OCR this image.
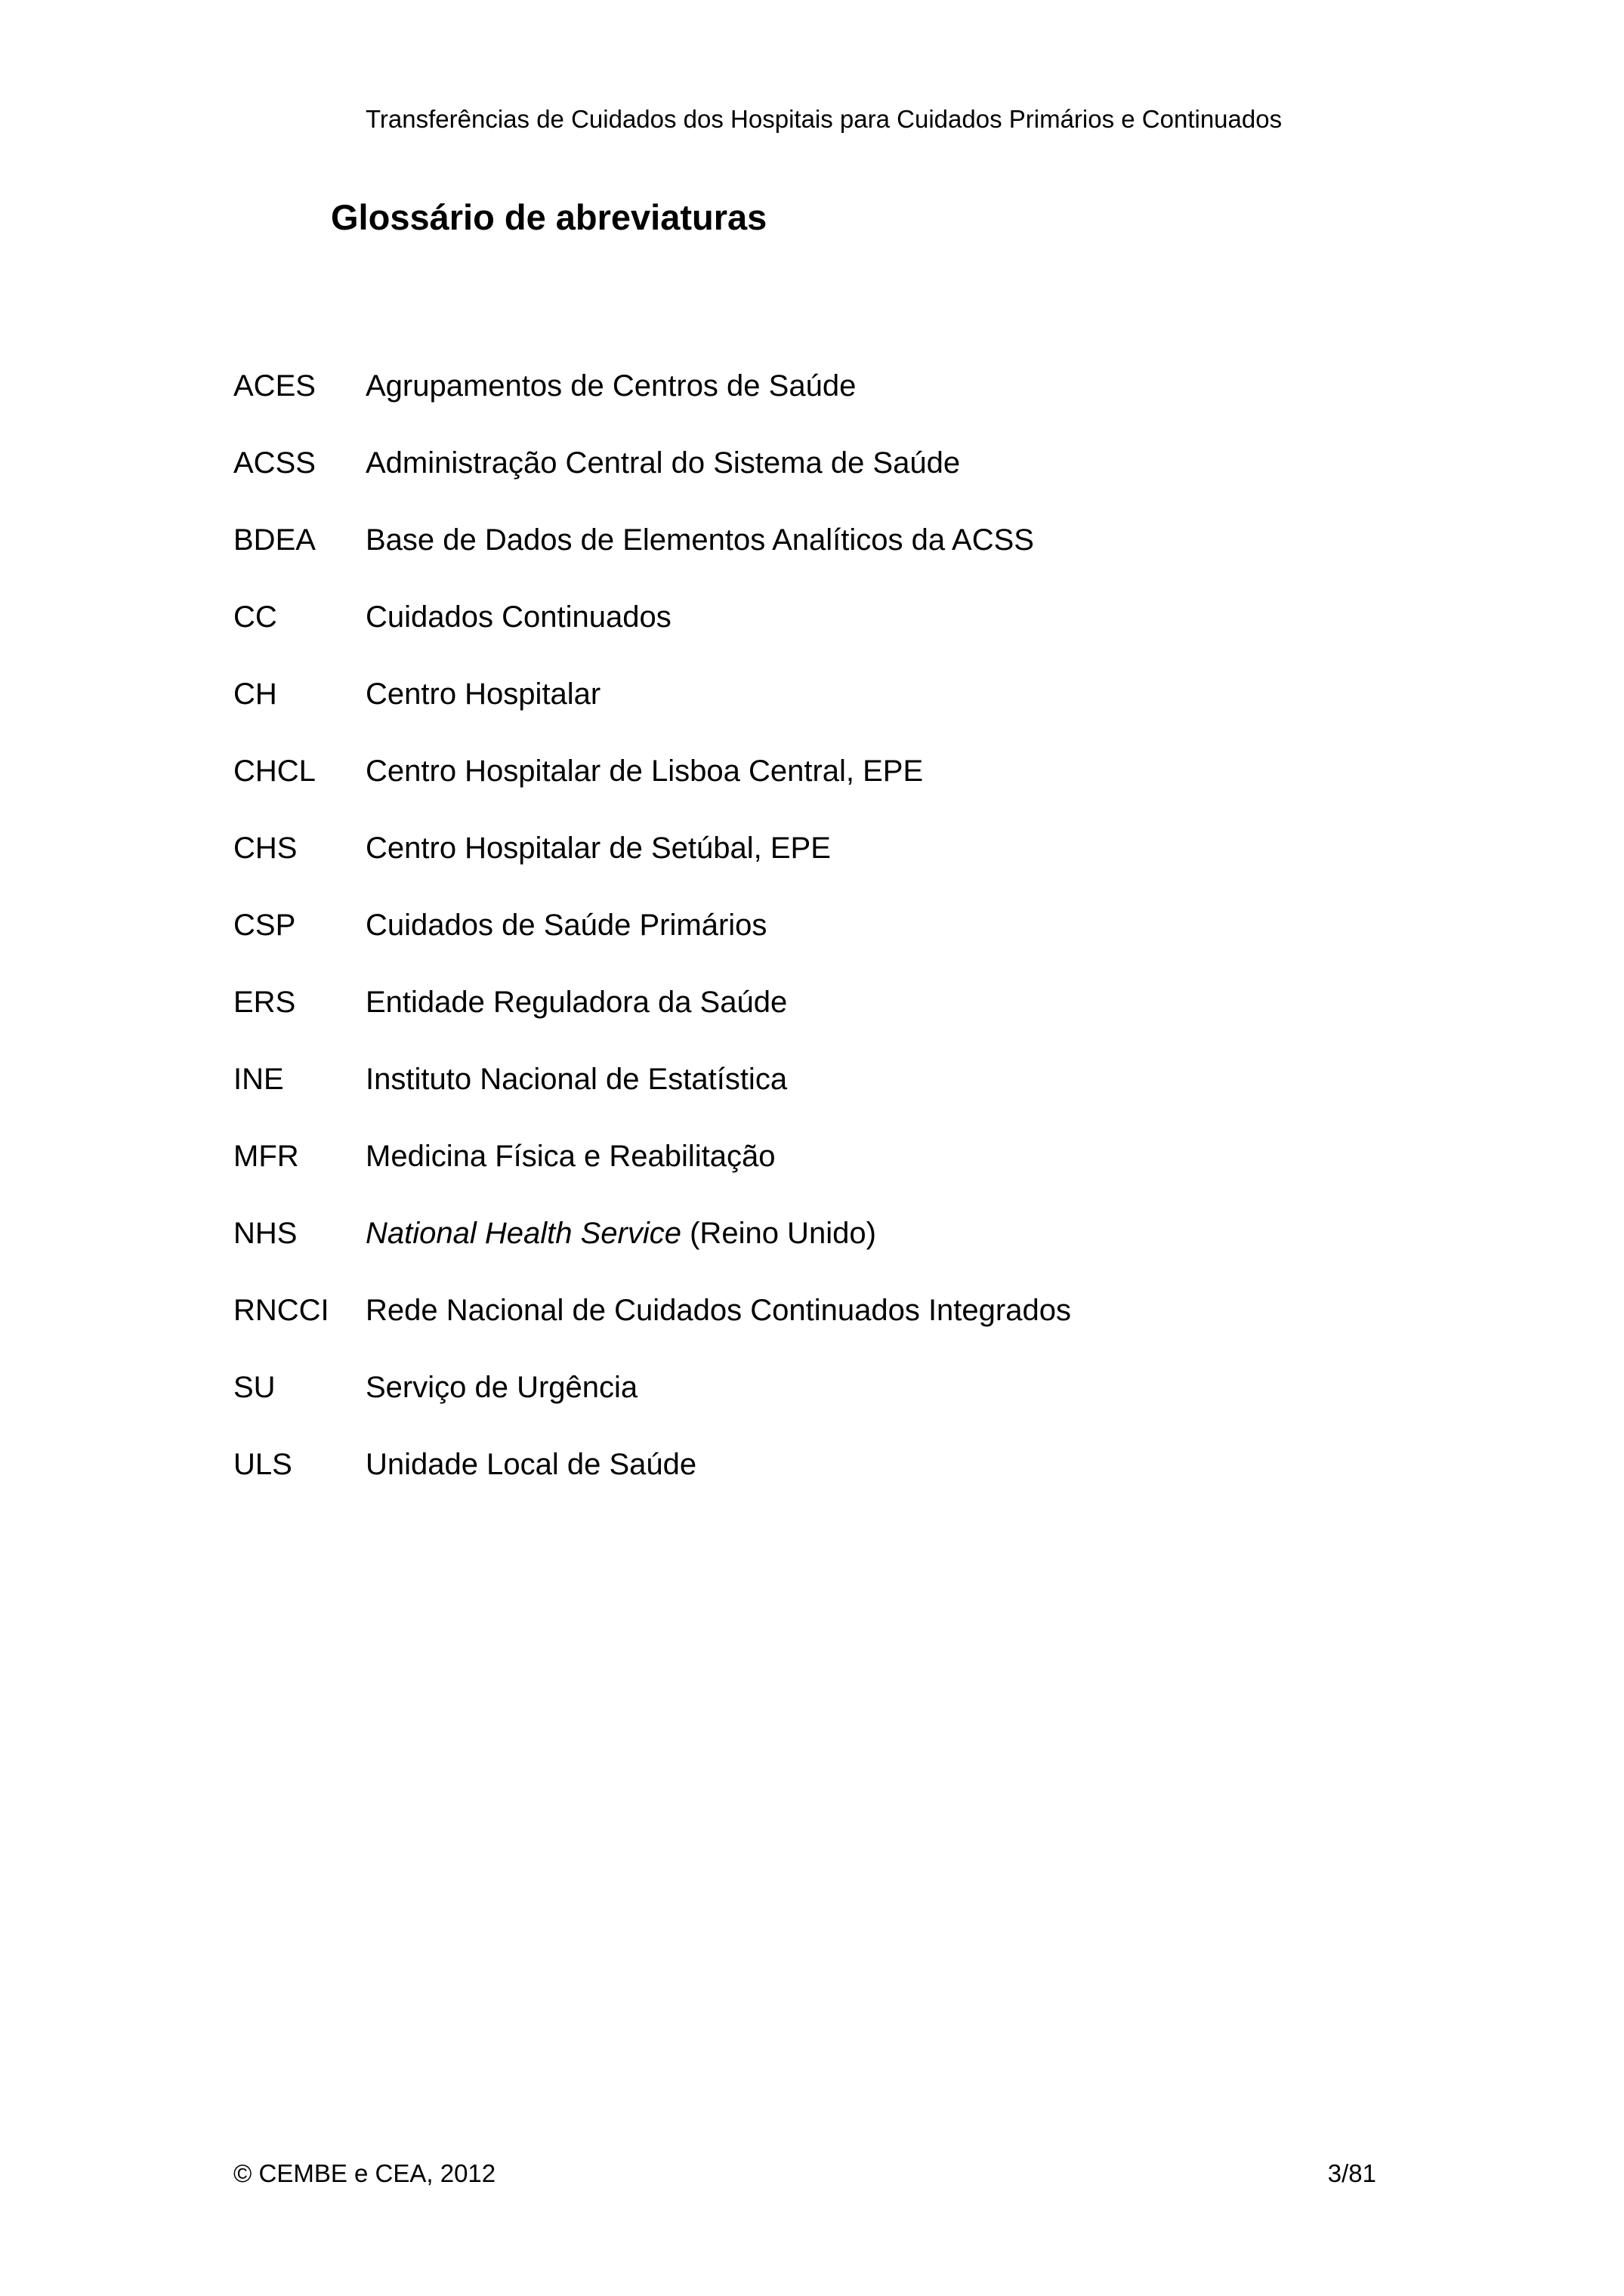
Transferências de Cuidados dos Hospitais para Cuidados Primários e Continuados
Glossário de abreviaturas
ACES	Agrupamentos de Centros de Saúde
ACSS	Administração Central do Sistema de Saúde
BDEA	Base de Dados de Elementos Analíticos da ACSS
CC	Cuidados Continuados
CH	Centro Hospitalar
CHCL	Centro Hospitalar de Lisboa Central, EPE
CHS	Centro Hospitalar de Setúbal, EPE
CSP	Cuidados de Saúde Primários
ERS	Entidade Reguladora da Saúde
INE	Instituto Nacional de Estatística
MFR	Medicina Física e Reabilitação
NHS	National Health Service (Reino Unido)
RNCCI	Rede Nacional de Cuidados Continuados Integrados
SU	Serviço de Urgência
ULS	Unidade Local de Saúde
© CEMBE e CEA, 2012	3/81
